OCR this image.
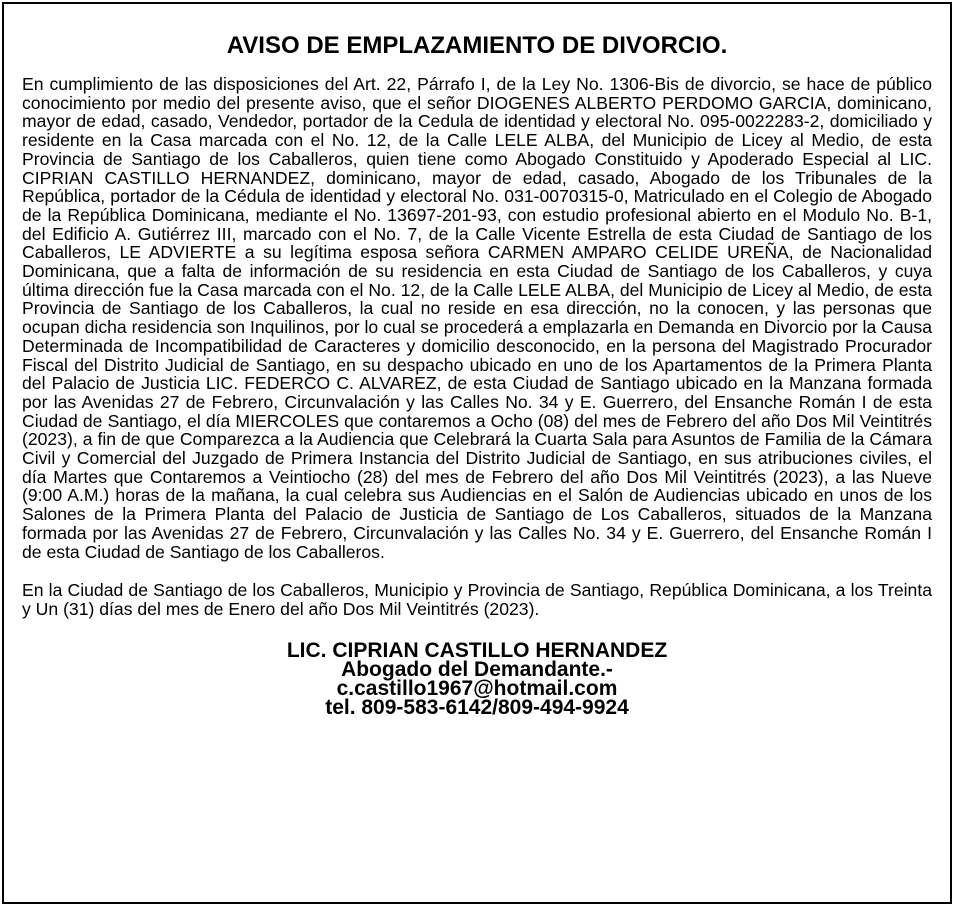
AVISO DE EMPLAZAMIENTO DE DIVORCIO.

En cumplimiento de las disposiciones del Art. 22, Párrafo I, de la Ley No. 1306-Bis de divorcio, se hace de público conocimiento por medio del presente aviso, que el señor DIOGENES ALBERTO PERDOMO GARCIA, dominicano, mayor de edad, casado, Vendedor, portador de la Cedula de identidad y electoral No. 095-0022283-2, domiciliado y residente en la Casa marcada con el No. 12, de la Calle LELE ALBA, del Municipio de Licey al Medio, de esta Provincia de Santiago de los Caballeros, quien tiene como Abogado Constituido y Apoderado Especial al LIC. CIPRIAN CASTILLO HERNANDEZ, dominicano, mayor de edad, casado, Abogado de los Tribunales de la República, portador de la Cédula de identidad y electoral No. 031-0070315-0, Matriculado en el Colegio de Abogado de la República Dominicana, mediante el No. 13697-201-93, con estudio profesional abierto en el Modulo No. B-1, del Edificio A. Gutiérrez III, marcado con el No. 7, de la Calle Vicente Estrella de esta Ciudad de Santiago de los Caballeros, LE ADVIERTE a su legítima esposa señora CARMEN AMPARO CELIDE UREÑA, de Nacionalidad Dominicana, que a falta de información de su residencia en esta Ciudad de Santiago de los Caballeros, y cuya última dirección fue la Casa marcada con el No. 12, de la Calle LELE ALBA, del Municipio de Licey al Medio, de esta Provincia de Santiago de los Caballeros, la cual no reside en esa dirección, no la conocen, y las personas que ocupan dicha residencia son Inquilinos, por lo cual se procederá a emplazarla en Demanda en Divorcio por la Causa Determinada de Incompatibilidad de Caracteres y domicilio desconocido, en la persona del Magistrado Procurador Fiscal del Distrito Judicial de Santiago, en su despacho ubicado en uno de los Apartamentos de la Primera Planta del Palacio de Justicia LIC. FEDERCO C. ALVAREZ, de esta Ciudad de Santiago ubicado en la Manzana formada por las Avenidas 27 de Febrero, Circunvalación y las Calles No. 34 y E. Guerrero, del Ensanche Román I de esta Ciudad de Santiago, el día MIERCOLES que contaremos a Ocho (08) del mes de Febrero del año Dos Mil Veintitrés (2023), a fin de que Comparezca a la Audiencia que Celebrará la Cuarta Sala para Asuntos de Familia de la Cámara Civil y Comercial del Juzgado de Primera Instancia del Distrito Judicial de Santiago, en sus atribuciones civiles, el día Martes que Contaremos a Veintiocho (28) del mes de Febrero del año Dos Mil Veintitrés (2023), a las Nueve (9:00 A.M.) horas de la mañana, la cual celebra sus Audiencias en el Salón de Audiencias ubicado en unos de los Salones de la Primera Planta del Palacio de Justicia de Santiago de Los Caballeros, situados de la Manzana formada por las Avenidas 27 de Febrero, Circunvalación y las Calles No. 34 y E. Guerrero, del Ensanche Román I de esta Ciudad de Santiago de los Caballeros.

En la Ciudad de Santiago de los Caballeros, Municipio y Provincia de Santiago, República Dominicana, a los Treinta y Un (31) días del mes de Enero del año Dos Mil Veintitrés (2023).

LIC. CIPRIAN CASTILLO HERNANDEZ
Abogado del Demandante.-
c.castillo1967@hotmail.com
tel. 809-583-6142/809-494-9924
